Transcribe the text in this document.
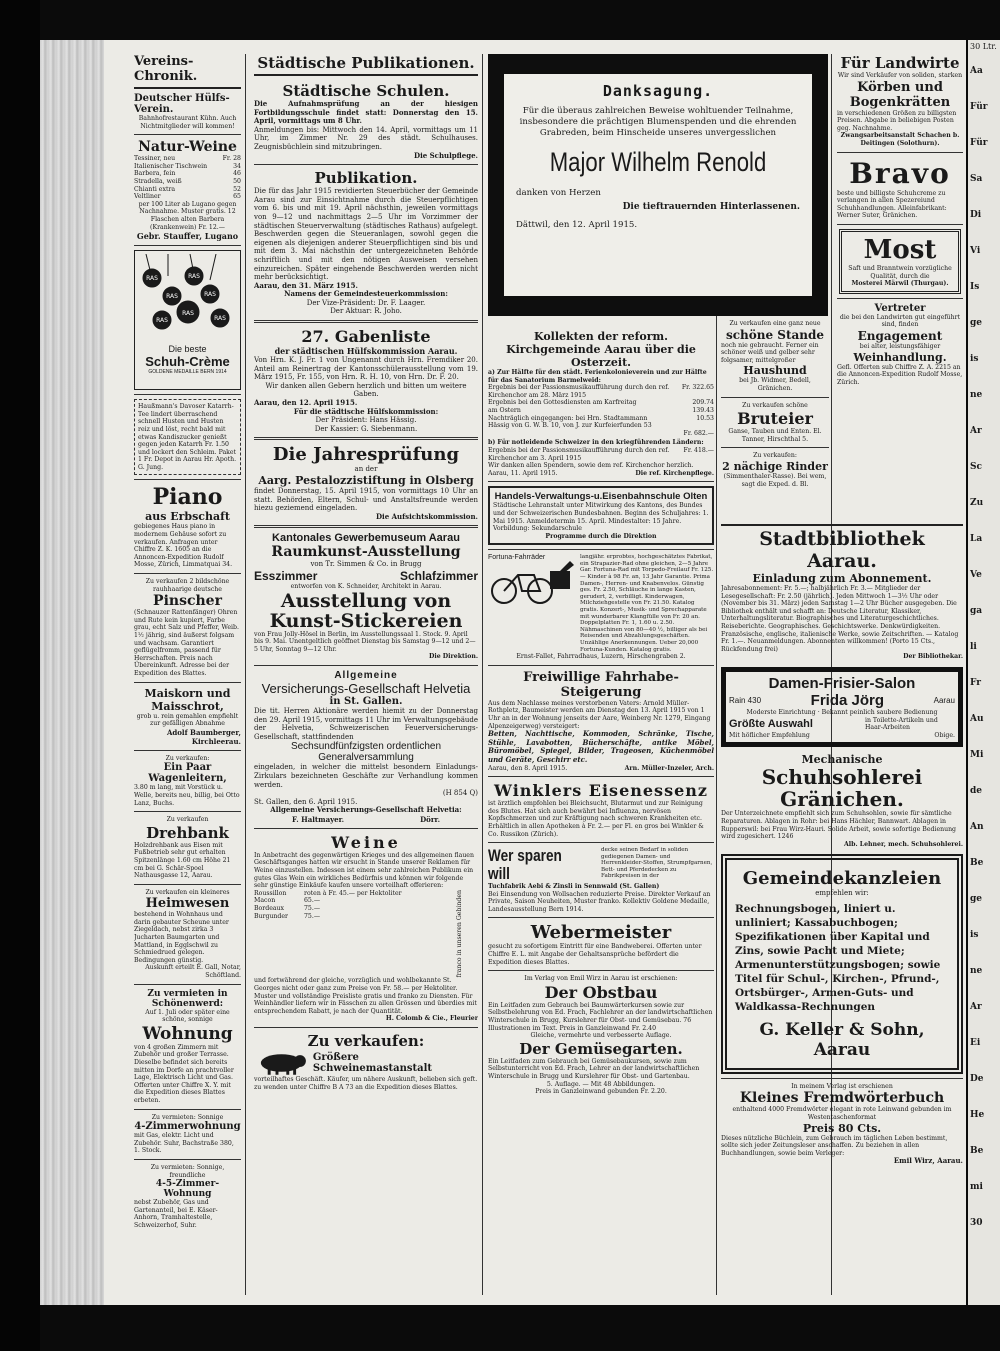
Vereins-Chronik.
Deutscher Hülfs-Verein.
Bahnhofrestaurant Kühn. Auch Nichtmitglieder will kommen!
Natur-Weine
Tessiner, neu	Fr. 28
Italienischer Tischwein	34
Barbera, fein	46
Stradella, weiß	50
Chianti extra	52
Veltliner	65
per 100 Liter ab Lugano gegen Nachnahme. Muster gratis. 12 Flaschen alten Barbera (Krankenwein) Fr. 12.—
Gebr. Stauffer, Lugano
RAS
RAS
RAS
RAS
RAS
RAS	RAS
Die beste
Schuh-Crème
GOLDENE MEDAILLE BERN 1914
Haußmann's Davoser Katarrh-Tee lindert überraschend schnell Husten und Husten reiz und löst, recht bald mit etwas Kandiszucker genießt gegen jeden Katarrh Fr. 1.50 und lockert den Schleim. Paket 1 Fr. Depot in Aarau Hr. Apoth. G. Jung.
Piano
aus Erbschaft
gebiegenes Haus piano in modernem Gehäuse sofort zu verkaufen. Anfragen unter Chiffre Z. K. 1605 an die Annoncen-Expedition Rudolf Mosse, Zürich, Limmatquai 34.
Zu verkaufen 2 bildschöne rauhhaarige deutsche
Pinscher
(Schnauzer Rattenfänger) Ohren und Rute kein kupiert, Farbe grau, echt Salz und Pfeffer, Weib. 1½ jährig, sind äußerst folgsam und wachsam. Garantiert geflügelfromm, passend für Herrschaften. Preis nach Übereinkunft. Adresse bei der Expedition des Blattes.
Maiskorn und Maisschrot,
grob u. rein gemahlen empfiehlt zur gefälligen Abnahme
Adolf Baumberger, Kirchleerau.
Zu verkaufen:
Ein Paar Wagenleitern,
3.80 m lang, mit Vorstück u. Welle, bereits neu, billig, bei Otto Lanz, Buchs.
Zu verkaufen
Drehbank
Holzdrehbank aus Eisen mit Fußbetrieb sehr gut erhalten Spitzenlänge 1.60 cm Höhe 21 cm bei G. Schär-Spoel Nathausgasse 12, Aarau.
Zu verkaufen ein kleineres
Heimwesen
bestehend in Wohnhaus und darin gebauter Scheune unter Ziegeldach, nebst zirka 3 Jucharten Baumgarten und Mattland, in Egglschwil zu Schmiedrued gelegen. Bedingungen günstig.
Auskunft erteilt E. Gall, Notar, Schöftland.
Zu vermieten in Schönenwerd:
Auf 1. Juli oder später eine schöne, sonnige
Wohnung
von 4 großen Zimmern mit Zubehör und großer Terrasse. Dieselbe befindet sich bereits mitten im Dorfe an prachtvoller Lage, Elektrisch Licht und Gas. Offerten unter Chiffre X. Y. mit die Expedition dieses Blattes erbeten.
Zu vermieten: Sonnige
4-Zimmerwohnung
mit Gas, elektr. Licht und Zubehör. Suhr, Bachstraße 380, 1. Stock.
Zu vermieten: Sonnige, freundliche
4-5-Zimmer-Wohnung
nebst Zubehör, Gas und Gartenanteil, bei E. Käser-Anhorn, Tramhaltestelle, Schweizerhof, Suhr.
Städtische Publikationen.
Städtische Schulen.
Die Aufnahmsprüfung an der hiesigen Fortbildungsschule findet statt: Donnerstag den 15. April, vormittags um 8 Uhr.
Anmeldungen bis: Mittwoch den 14. April, vormittags um 11 Uhr, im Zimmer Nr. 29 des städt. Schulhauses. Zeugnisbüchlein sind mitzubringen.
Die Schulpflege.
Publikation.
Die für das Jahr 1915 revidierten Steuerbücher der Gemeinde Aarau sind zur Einsichtnahme durch die Steuerpflichtigen vom 6. bis und mit 19. April nächsthin, jeweilen vormittags von 9—12 und nachmittags 2—5 Uhr im Vorzimmer der städtischen Steuerverwaltung (städtisches Rathaus) aufgelegt. Beschwerden gegen die Steueranlagen, sowohl gegen die eigenen als diejenigen anderer Steuerpflichtigen sind bis und mit dem 3. Mai nächsthin der untergezeichneten Behörde schriftlich und mit den nötigen Ausweisen versehen einzureichen. Später eingehende Beschwerden werden nicht mehr berücksichtigt.
Aarau, den 31. März 1915.
Namens der Gemeindesteuerkommission:
Der Vize-Präsident: Dr. F. Laager.
Der Aktuar: R. Joho.
27. Gabenliste
der städtischen Hülfskommission Aarau.
Von Hrn. K. J. Fr. 1 von Ungenannt durch Hrn. Fremdiker 20. Anteil am Reinertrag der Kantonsschülerausstellung vom 19. März 1915, Fr. 155, von Hrn. R. H. 10, von Hrn. Dr. F. 20.
Wir danken allen Gebern herzlich und bitten um weitere Gaben.
Aarau, den 12. April 1915.
Für die städtische Hülfskommission:
Der Präsident: Hans Hässig.
Der Kassier: G. Siebenmann.
Die Jahresprüfung
an der
Aarg. Pestalozzistiftung in Olsberg
findet Donnerstag, 15. April 1915, von vormittags 10 Uhr an statt. Behörden, Eltern, Schul- und Anstaltsfreunde werden hiezu geziemend eingeladen.
Die Aufsichtskommission.
Kantonales Gewerbemuseum Aarau
Raumkunst-Ausstellung
von Tr. Simmen & Co. in Brugg
Esszimmer	Schlafzimmer
entworfen von K. Schneider, Architekt in Aarau.
Ausstellung von Kunst-Stickereien
von Frau Jolly-Hösel in Berlin, im Ausstellungssaal 1. Stock. 9. April bis 9. Mai. Unentgeltlich geöffnet Dienstag bis Samstag 9—12 und 2—5 Uhr, Sonntag 9—12 Uhr.
Die Direktion.
Allgemeine
Versicherungs-Gesellschaft Helvetia
in St. Gallen.
Die tit. Herren Aktionäre werden hiemit zu der Donnerstag den 29. April 1915, vormittags 11 Uhr im Verwaltungsgebäude der Helvetia, Schweizerischen Feuerversicherungs-Gesellschaft, stattfindenden
Sechsundfünfzigsten ordentlichen Generalversammlung
eingeladen, in welcher die mittelst besondern Einladungs-Zirkulars bezeichneten Geschäfte zur Verhandlung kommen werden.
(H 854 Q)
St. Gallen, den 6. April 1915.
Allgemeine Versicherungs-Gesellschaft Helvetia:
F. Haltmayer.	Dörr.
Weine
In Anbetracht des gegenwärtigen Krieges und des allgemeinen flauen Geschäftsganges hatten wir ersucht in Stande unserer Reklamen für Weine einzustellen. Indessen ist einem sehr zahlreichen Publikum ein gutes Glas Wein ein wirkliches Bedürfnis und können wir folgende sehr günstige Einkäufe kaufen unsere vorteilhaft offerieren:
Roussillon	roten à Fr. 45.— per Hektoliter
Macon	65.—
Bordeaux	75.—
Burgunder	75.—	franco in unseren Gebinden
und fortwährend der gleiche, vorzüglich und wohlbekannte St. Georges nicht oder ganz zum Preise von Fr. 58.— per Hektoliter. Muster und vollständige Preisliste gratis und franko zu Diensten. Für Weinhändler liefern wir in Fässchen zu allen Grössen und überdies mit entsprechendem Rabatt, je nach der Quantität.
H. Colomb & Cie., Fleurier
Zu verkaufen:
Größere Schweinemastanstalt
vorteilhaftes Geschäft. Käufer, um nähere Auskunft, belieben sich geft. zu wenden unter Chiffre B A 73 an die Expedition dieses Blattes.
Danksagung.
Für die überaus zahlreichen Beweise wohltuender Teilnahme, insbesondere die prächtigen Blumenspenden und die ehrenden Grabreden, beim Hinscheide unseres unvergesslichen
Major Wilhelm Renold
danken von Herzen
Die tieftrauernden Hinterlassenen.
Dättwil, den 12. April 1915.
Kollekten der reform. Kirchgemeinde Aarau über die Osterzeit.
a) Zur Hälfte für den städt. Ferienkolonieverein und zur Hälfte für das Sanatorium Barmelweid:
Ergebnis bei der Passionsmusikaufführung durch den ref. Kirchenchor am 28. März 1915
Fr. 322.65
Ergebnis bei den Gottesdiensten am Karfreitag	209.74
am Ostern	139.43
Nachträglich eingegangen: bei Hrn. Stadtammann Hässig von G. W. B. 10, von J. zur Kurfeierfunden 53
10.53
Fr. 682.—
b) Für notleidende Schweizer in den kriegführenden Ländern:
Ergebnis bei der Passionsmusikaufführung durch den ref. Kirchenchor am 3. April 1915
Fr. 418.—
Wir danken allen Spendern, sowie dem ref. Kirchenchor herzlich.
Aarau, 11. April 1915.	Die ref. Kirchenpflege.
Handels-Verwaltungs-u.Eisenbahnschule Olten
Städtische Lehranstalt unter Mitwirkung des Kantons, des Bundes und der Schweizerischen Bundesbahnen. Beginn des Schuljahres: 1. Mai 1915. Anmeldetermin 15. April. Mindestalter: 15 Jahre. Vorbildung: Sekundarschule
Programme durch die Direktion
Fortuna-Fahrräder	langjähr. erprobtes, hochgeschätztes Fabrikat, ein Strapazier-Rad ohne gleichen, 2—5 Jahre Gar. Fortuna-Rad mit Torpedo-Freilauf Fr. 125.— Kinder à 98 Fr. an, 13 Jahr Garantie. Prima Damen-, Herren- und Knabenvelos. Günstig ges. Fr. 2.50, Schläuche in lange Kasten, gerudert, 2, verbilligt. Kinderwagen, Milchziehgestelle von Fr. 21.50. Katalog gratis. Konzert-, Musik- und Sprechapparate mit wunderbarer Klangfülle von Fr. 20 an. Doppelplatten Fr. 1, 1.60 u. 2.50. Nähmaschinen von 80—40 ½, billiger als bei Reisenden und Abzahlungsgeschäften. Unzählige Anerkennungen. Ueber 20,000 Fortuna-Kunden. Katalog gratis.
Ernst-Fallet, Fahrradhaus, Luzern, Hirschengraben 2.
Freiwillige Fahrhabe-Steigerung
Aus dem Nachlasse meines verstorbenen Vaters: Arnold Müller-Rothpletz, Baumeister werden am Dienstag den 13. April 1915 von 1 Uhr an in der Wohnung jenseits der Aare, Weinberg Nr. 1279, Eingang Alpenzeigerweg) versteigert:
Betten, Nachttische, Kommoden, Schränke, Tische, Stühle, Lavabotten, Bücherschäfte, antike Möbel, Büromöbel, Spiegel, Bilder, Trageosen, Küchenmöbel und Geräte, Geschirr etc.
Aarau, den 8. April 1915.	Arn. Müller-Inzeler, Arch.
Winklers Eisenessenz
ist ärztlich empfohlen bei Bleichsucht, Blutarmut und zur Reinigung des Blutes. Hat sich auch bewährt bei Influenza, nervösen Kopfschmerzen und zur Kräftigung nach schweren Krankheiten etc. Erhältlich in allen Apotheken à Fr. 2.— per Fl. en gros bei Winkler & Co. Russikon (Zürich).
Wer sparen will
decke seinen Bedarf in soliden gediegenen Damen- und Herrenkleider-Stoffen, Strumpfgarnen, Bett- und Pferdedecken zu Fabrikpreisen in der
Tuchfabrik Aebi & Zinsli in Sennwald (St. Gallen)
Bei Einsendung von Wollsachen reduzierte Preise. Direkter Verkauf an Private, Saison Neuheiten, Muster franko. Kollektiv Goldene Medaille, Landesausstellung Bern 1914.
Webermeister
gesucht zu sofortigem Eintritt für eine Bandweberei. Offerten unter Chiffre E. L. mit Angabe der Gehaltsansprüche befördert die Expedition dieses Blattes.
Im Verlag von Emil Wirz in Aarau ist erschienen:
Der Obstbau
Ein Leitfaden zum Gebrauch bei Baumwärterkursen sowie zur Selbstbelehrung von Ed. Frach, Fachlehrer an der landwirtschaftlichen Winterschule in Brugg, Kurslehrer für Obst- und Gemüsebau. 76 Illustrationen im Text. Preis in Ganzleinwand Fr. 2.40
Gleiche, vermehrte und verbesserte Auflage.
Der Gemüsegarten.
Ein Leitfaden zum Gebrauch bei Gemüsebaukursen, sowie zum Selbstunterricht von Ed. Frach, Lehrer an der landwirtschaftlichen Winterschule in Brugg und Kurslehrer für Obst- und Gartenbau.
5. Auflage. — Mit 48 Abbildungen.
Preis in Ganzleinwand gebunden Fr. 2.20.
Zu verkaufen eine ganz neue
schöne Stande
noch nie gebraucht. Ferner ein schöner weiß und gelber sehr folgsamer, mittelgroßer
Haushund
bei Jb. Widmer, Bedell, Gränichen.
Zu verkaufen schöne
Bruteier
Ganse, Tauben und Enten. El. Tanner, Hirschthal 5.
Zu verkaufen:
2 nächige Rinder
(Simmenthaler-Rasse). Bei wem, sagt die Exped. d. Bl.
Für Landwirte
Wir sind Verkäufer von soliden, starken
Körben und Bogenkrätten
in verschiedenen Größen zu billigsten Preisen. Abgabe in beliebigen Posten geg. Nachnahme.
Zwangsarbeitsanstalt Schachen b. Deitingen (Solothurn).
Bravo
beste und billigste Schuhcreme zu verlangen in allen Spezereiund Schuhhandlungen. Alleinfabrikant: Werner Suter, Gränichen.
Most
Saft und Branntwein vorzügliche Qualität, durch die
Mosterei Märwil (Thurgau).
Vertreter
die bei den Landwirten gut eingeführt sind, finden
Engagement
bei alter, leistungsfähiger
Weinhandlung.
Gefl. Offerten sub Chiffre Z. A. 2215 an die Annoncen-Expedition Rudolf Mosse, Zürich.
Stadtbibliothek Aarau.
Einladung zum Abonnement.
Jahresabonnement: Fr. 5.—; halbjährlich Fr. 3.— Mitglieder der Lesegesellschaft: Fr. 2.50 (jährlich). Jeden Mittwoch 1—3½ Uhr oder (November bis 31. März) jeden Samstag 1—2 Uhr Bücher ausgegeben. Die Bibliothek enthält und schafft an: Deutsche Literatur, Klassiker, Unterhaltungsliteratur. Biographisches und Literaturgeschichtliches. Reiseberichte. Geographisches. Geschichtswerke. Denkwürdigkeiten. Französische, englische, italienische Werke, sowie Zeitschriften. — Katalog Fr. 1.—. Neuanmeldungen. Abonnenten willkommen! (Porto 15 Cts., Rückfendung frei)
Der Bibliothekar.
Damen-Frisier-Salon
Rain 430	Frida Jörg	Aarau
Moderste Einrichtung · Bekannt peinlich saubere Bedienung
Größte Auswahl	in Toilette-Artikeln und Haar-Arbeiten
Mit höflicher Empfehlung	Obige.
Mechanische
Schuhsohlerei Gränichen.
Der Unterzeichnete empfiehlt sich zum Schuhsohlen, sowie für sämtliche Reparaturen. Ablagen in Rohr: bei Hans Hächler, Bannwart. Ablagen in Rupperswil: bei Frau Wirz-Hauri. Solide Arbeit, sowie sofortige Bedienung wird zugesichert. 1246
Alb. Lehner, mech. Schuhsohlerei.
Gemeindekanzleien
empfehlen wir:
Rechnungsbogen, liniert u. unliniert; Kassabuchbogen; Spezifikationen über Kapital und Zins, sowie Pacht und Miete; Armenunterstützungsbogen; sowie Titel für Schul-, Kirchen-, Pfrund-, Ortsbürger-, Armen-Guts- und Waldkassa-Rechnungen
G. Keller & Sohn, Aarau
In meinem Verlag ist erschienen
Kleines Fremdwörterbuch
enthaltend 4000 Fremdwörter elegant in rote Leinwand gebunden im Westentaschenformat
Preis 80 Cts.
Dieses nützliche Büchlein, zum Gebrauch im täglichen Leben bestimmt, sollte sich jeder Zeitungsleser anschaffen. Zu beziehen in allen Buchhandlungen, sowie beim Verleger:
Emil Wirz, Aarau.
30 Ltr.
Aa
Für
Für
Sa
Di
Vi
Is
ge
is
ne
Ar
Sc
Zu
La
Ve
ga
li
Fr
Au
Mi
de
An
Be
ge
is
ne
Ar
Ei
De
He
Be
mi
30
